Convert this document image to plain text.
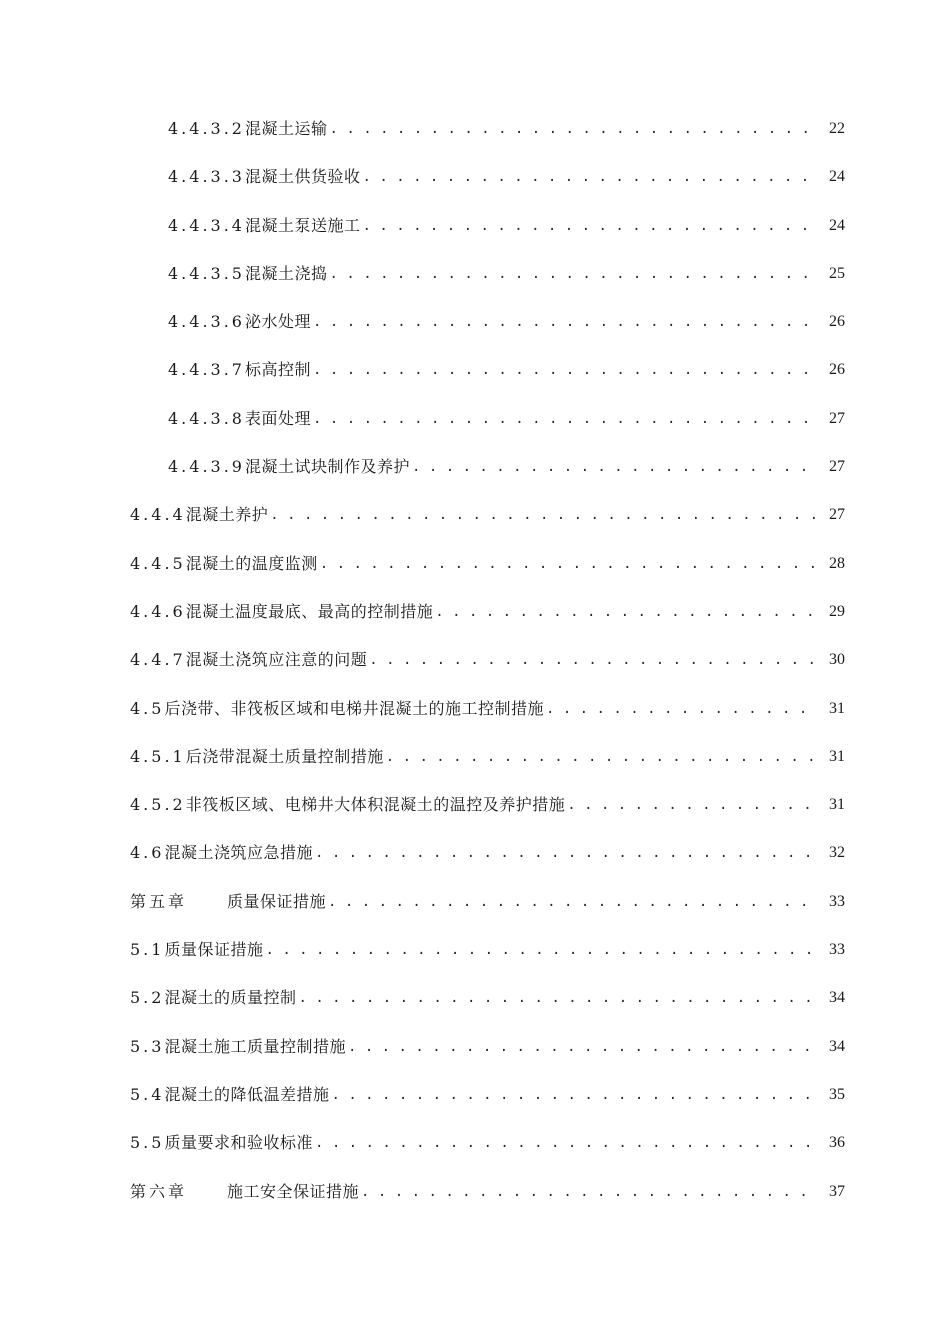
4.4.3.2混凝土运输 . . .	22
4.4.3.3混凝土供货验收 . . .	24
4.4.3.4混凝土泵送施工 . . .	24
4.4.3.5混凝土浇捣 . . .	25
4.4.3.6泌水处理 . . .	26
4.4.3.7标高控制 . . .	26
4.4.3.8表面处理 . . .	27
4.4.3.9混凝土试块制作及养护 . . .	27
4.4.4混凝土养护 . . .	27
4.4.5混凝土的温度监测 . . .	28
4.4.6混凝土温度最底、最高的控制措施 . . .	29
4.4.7混凝土浇筑应注意的问题 . . .	30
4.5后浇带、非筏板区域和电梯井混凝土的施工控制措施 . . .	31
4.5.1后浇带混凝土质量控制措施 . . .	31
4.5.2非筏板区域、电梯井大体积混凝土的温控及养护措施 . . .	31
4.6混凝土浇筑应急措施 . . .	32
第五章	质量保证措施 . . .	33
5.1质量保证措施 . . .	33
5.2混凝土的质量控制 . . .	34
5.3混凝土施工质量控制措施 . . .	34
5.4混凝土的降低温差措施 . . .	35
5.5质量要求和验收标准 . . .	36
第六章	施工安全保证措施 . . .	37
